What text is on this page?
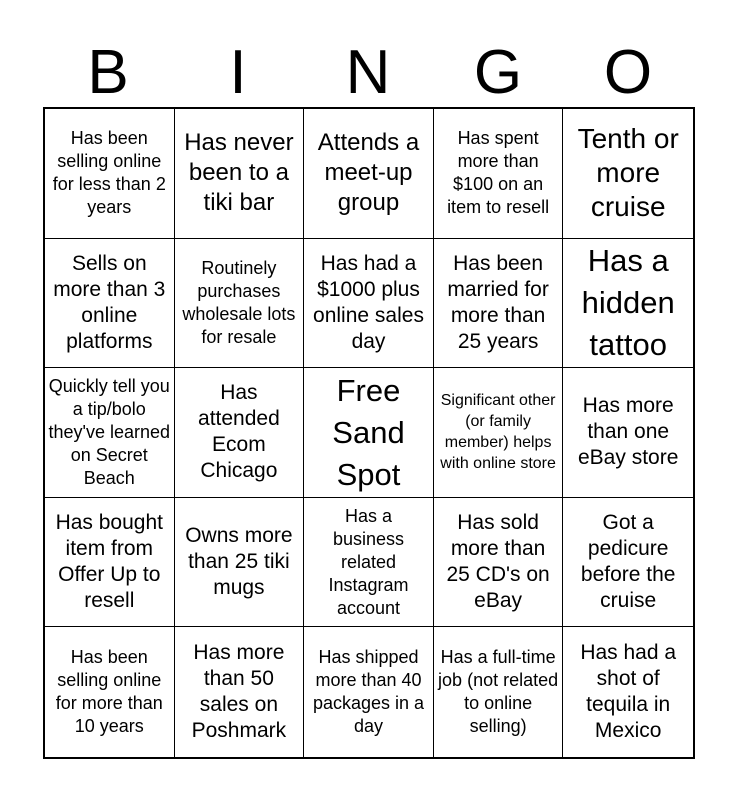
B	I	N	G	O
Has been selling online for less than 2 years
Has never been to a tiki bar
Attends a meet-up group
Has spent more than $100 on an item to resell
Tenth or more cruise
Sells on more than 3 online platforms
Routinely purchases wholesale lots for resale
Has had a $1000 plus online sales day
Has been married for more than 25 years
Has a hidden tattoo
Quickly tell you a tip/bolo they've learned on Secret Beach
Has attended Ecom Chicago
Free Sand Spot
Significant other (or family member) helps with online store
Has more than one eBay store
Has bought item from Offer Up to resell
Owns more than 25 tiki mugs
Has a business related Instagram account
Has sold more than 25 CD's on eBay
Got a pedicure before the cruise
Has been selling online for more than 10 years
Has more than 50 sales on Poshmark
Has shipped more than 40 packages in a day
Has a full-time job (not related to online selling)
Has had a shot of tequila in Mexico
